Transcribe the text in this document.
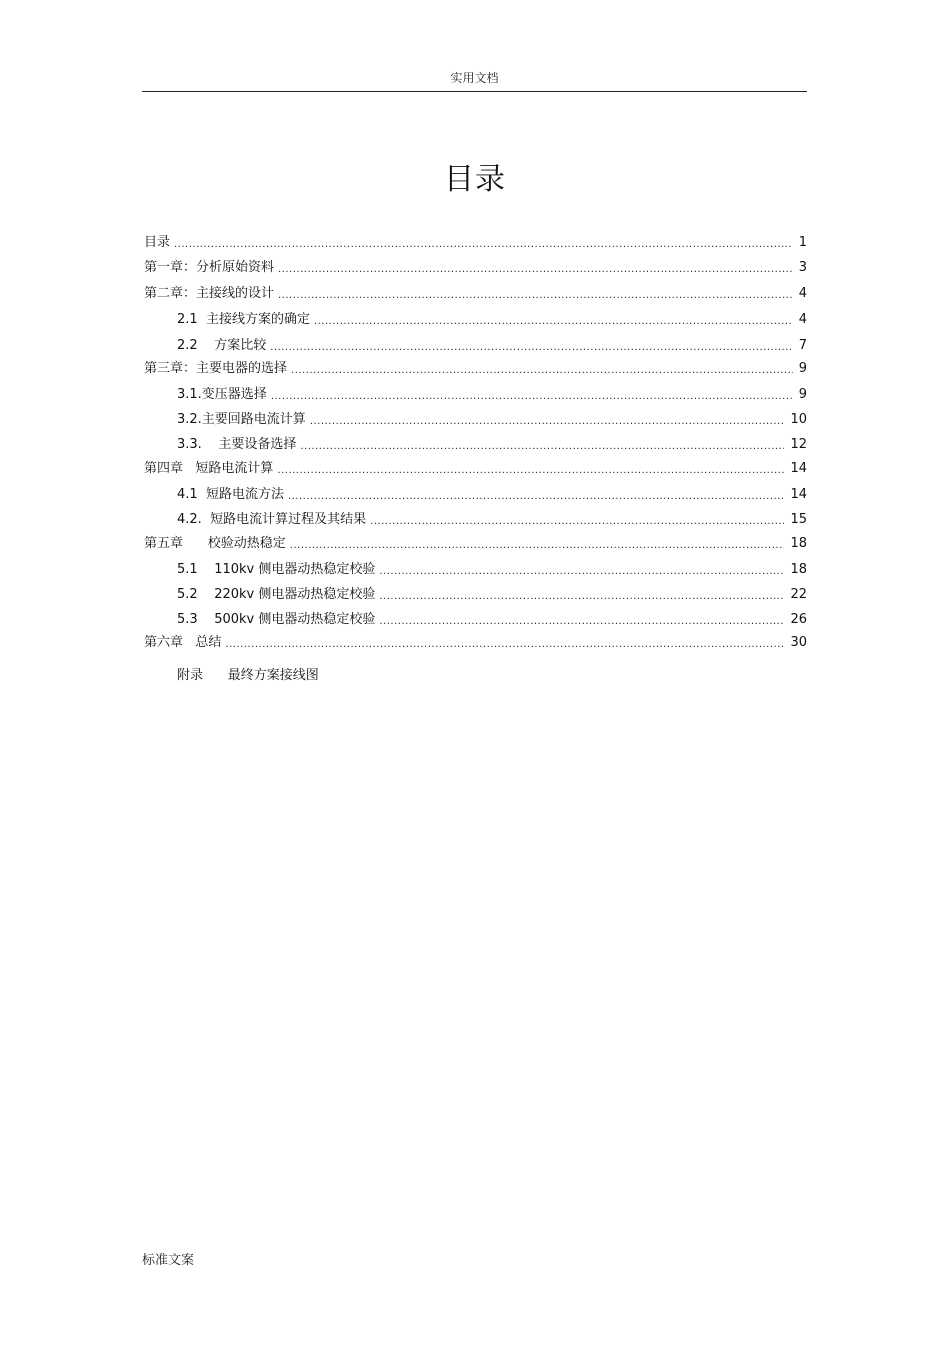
实用文档
目录
目录 .....	1
第一章：分析原始资料 .....	3
第二章：主接线的设计 .....	4
2.1  主接线方案的确定 .....	4
2.2    方案比较 .....	7
第三章：主要电器的选择 .....	9
3.1.变压器选择 .....	9
3.2.主要回路电流计算 .....	10
3.3.    主要设备选择 .....	12
第四章   短路电流计算 .....	14
4.1  短路电流方法 .....	14
4.2.  短路电流计算过程及其结果 .....	15
第五章      校验动热稳定 .....	18
5.1    110kv 侧电器动热稳定校验 .....	18
5.2    220kv 侧电器动热稳定校验 .....	22
5.3    500kv 侧电器动热稳定校验 .....	26
第六章   总结 .....	30
附录      最终方案接线图
标准文案
